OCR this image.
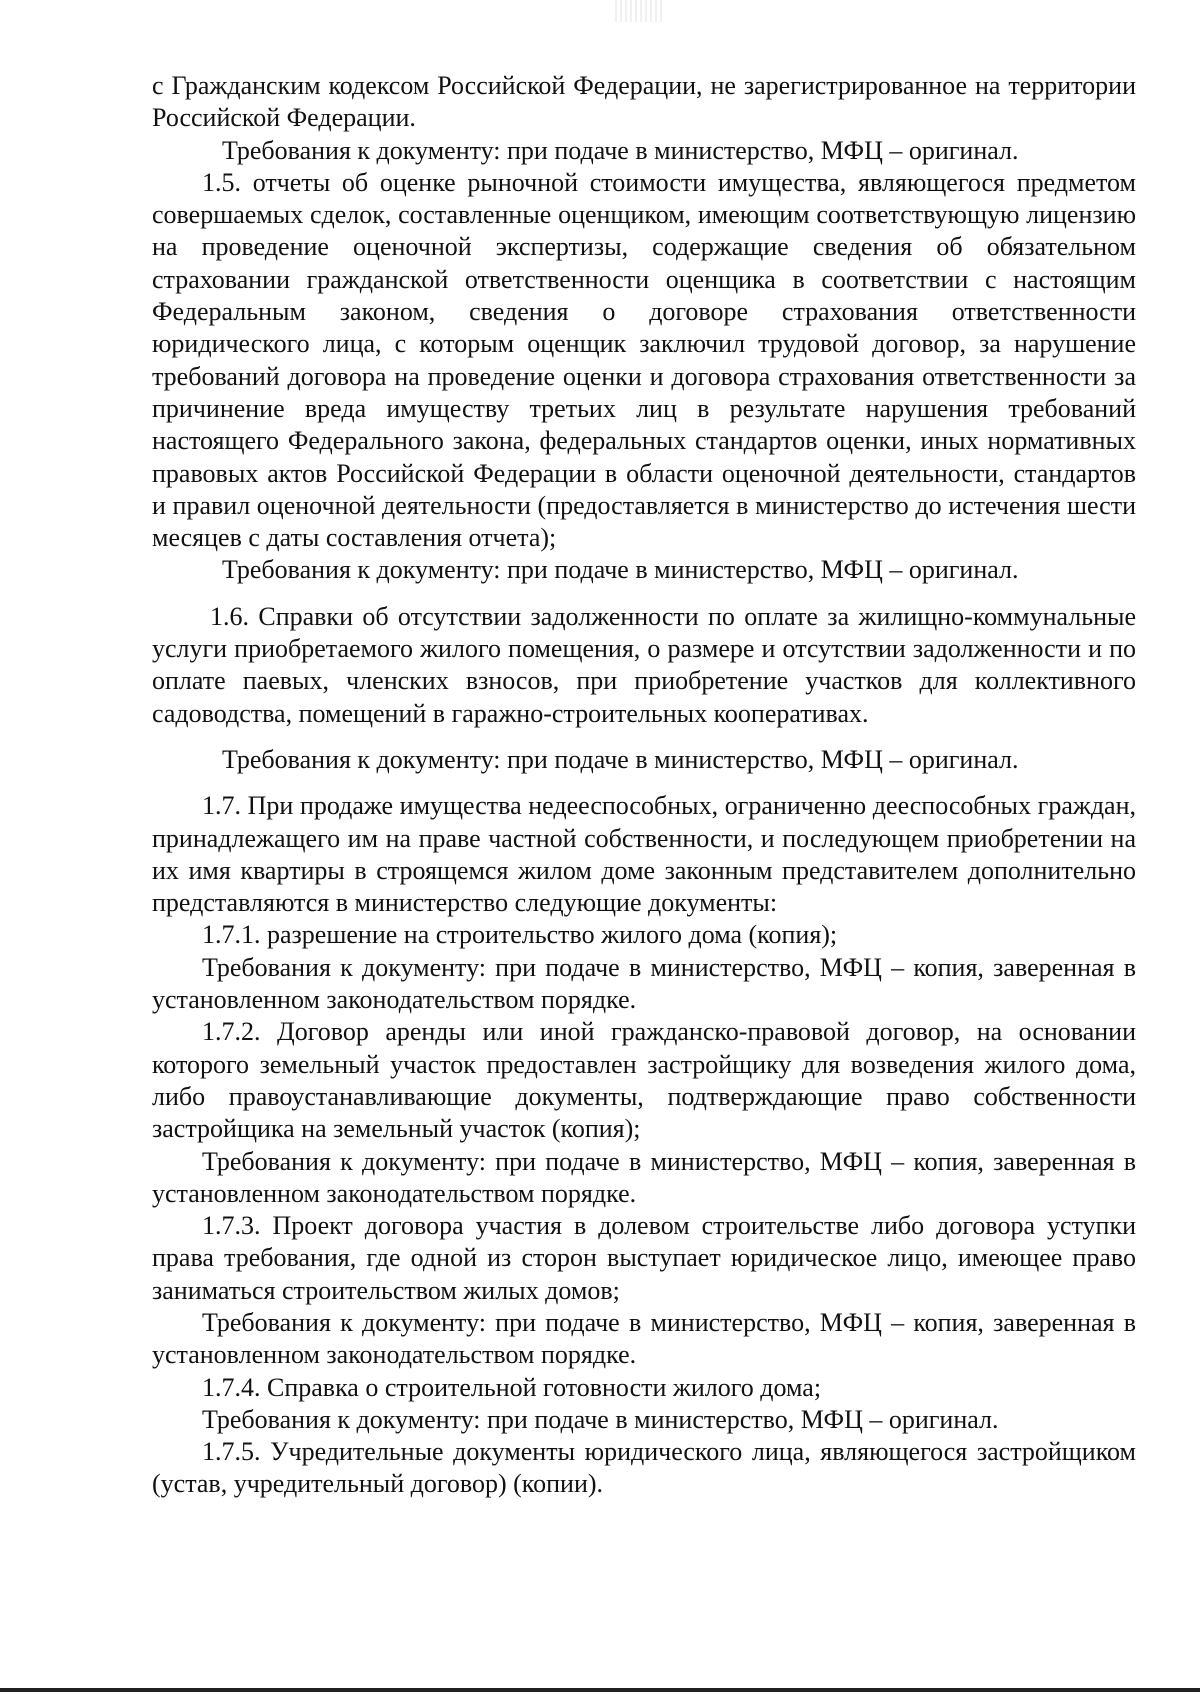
с Гражданским кодексом Российской Федерации, не зарегистрированное на территории Российской Федерации.

Требования к документу: при подаче в министерство, МФЦ – оригинал.

1.5. отчеты об оценке рыночной стоимости имущества, являющегося предметом совершаемых сделок, составленные оценщиком, имеющим соответствующую лицензию на проведение оценочной экспертизы, содержащие сведения об обязательном страховании гражданской ответственности оценщика в соответствии с настоящим Федеральным законом, сведения о договоре страхования ответственности юридического лица, с которым оценщик заключил трудовой договор, за нарушение требований договора на проведение оценки и договора страхования ответственности за причинение вреда имуществу третьих лиц в результате нарушения требований настоящего Федерального закона, федеральных стандартов оценки, иных нормативных правовых актов Российской Федерации в области оценочной деятельности, стандартов и правил оценочной деятельности (предоставляется в министерство до истечения шести месяцев с даты составления отчета);

Требования к документу: при подаче в министерство, МФЦ – оригинал.

1.6. Справки об отсутствии задолженности по оплате за жилищно-коммунальные услуги приобретаемого жилого помещения, о размере и отсутствии задолженности и по оплате паевых, членских взносов, при приобретение участков для коллективного садоводства, помещений в гаражно-строительных кооперативах.

Требования к документу: при подаче в министерство, МФЦ – оригинал.

1.7. При продаже имущества недееспособных, ограниченно дееспособных граждан, принадлежащего им на праве частной собственности, и последующем приобретении на их имя квартиры в строящемся жилом доме законным представителем дополнительно представляются в министерство следующие документы:

1.7.1. разрешение на строительство жилого дома (копия);

Требования к документу: при подаче в министерство, МФЦ – копия, заверенная в установленном законодательством порядке.

1.7.2. Договор аренды или иной гражданско-правовой договор, на основании которого земельный участок предоставлен застройщику для возведения жилого дома, либо правоустанавливающие документы, подтверждающие право собственности застройщика на земельный участок (копия);

Требования к документу: при подаче в министерство, МФЦ – копия, заверенная в установленном законодательством порядке.

1.7.3. Проект договора участия в долевом строительстве либо договора уступки права требования, где одной из сторон выступает юридическое лицо, имеющее право заниматься строительством жилых домов;

Требования к документу: при подаче в министерство, МФЦ – копия, заверенная в установленном законодательством порядке.

1.7.4. Справка о строительной готовности жилого дома;

Требования к документу: при подаче в министерство, МФЦ – оригинал.

1.7.5. Учредительные документы юридического лица, являющегося застройщиком (устав, учредительный договор) (копии).
